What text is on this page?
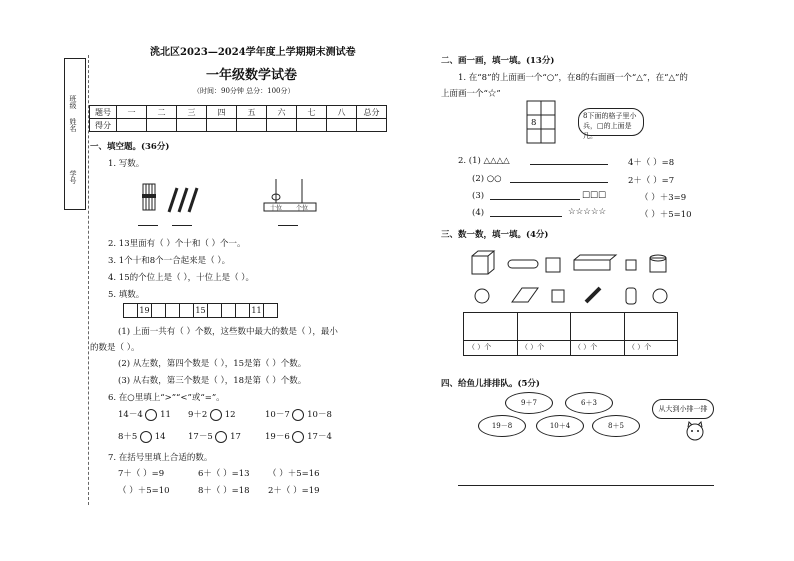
班级
姓名
学号
洮北区2023—2024学年度上学期期末测试卷
一年级数学试卷
（时间：90分钟 总分：100分）
题号	一	二	三	四	五	六	七	八	总分
得分									
一、填空题。(36分)
1. 写数。
十位 个位
2. 13里面有（ ）个十和（ ）个一。
3. 1个十和8个一合起来是（ ）。
4. 15的个位上是（ ），十位上是（ ）。
5. 填数。
	19				15				11	
(1) 上面一共有（ ）个数，这些数中最大的数是（ ），最小
的数是（ ）。
(2) 从左数，第四个数是（ ），15是第（ ）个数。
(3) 从右数，第三个数是（ ），18是第（ ）个数。
6. 在○里填上“>”“<”或“=”。
14－4 11 9＋2 12	10－7 10－8
8＋5 14	17－5 17	19－6 17－4
7. 在括号里填上合适的数。
7＋（ ）=9	6＋（ ）=13 （ ）＋5=16
（ ）＋5=10	8＋（ ）=18 2＋（ ）=19
二、画一画，填一填。(13分)
1. 在“8”的上面画一个“○”，在8的右面画一个“△”，在“△”的
上面画一个“☆”
8
8下面的格子里小兵，□的上面是几。
2. (1) △△△△	4＋（ ）=8
(2) ○○	2＋（ ）=7
(3)	□□□	（ ）＋3=9
(4)	☆☆☆☆☆	（ ）＋5=10
三、数一数，填一填。(4分)
（ ）个	（ ）个	（ ）个	（ ）个
四、给鱼儿排排队。(5分)
9＋7	6＋3
19－8	10＋4	8＋5
从大到小排一排
